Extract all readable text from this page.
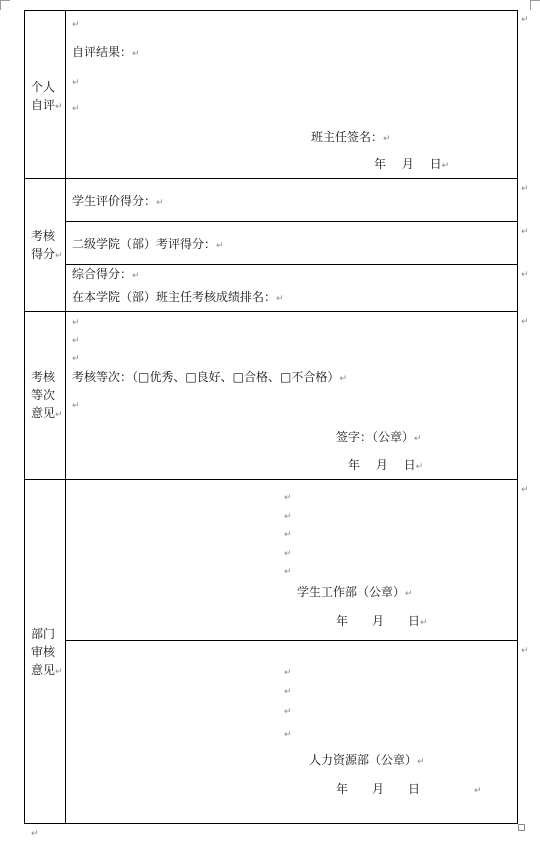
个人
自评↵
↵
自评结果：↵
↵
↵
班主任签名：↵
年　 月　 日↵
考核
得分↵
学生评价得分：↵
二级学院（部）考评得分：↵
综合得分：↵
在本学院（部）班主任考核成绩排名：↵
考核
等次
意见↵
↵
↵
↵
考核等次：（□优秀、□良好、□合格、□不合格）↵
↵
签字：（公章）↵
年　 月　 日↵
部门
审核
意见↵
↵
↵
↵
↵
↵
学生工作部（公章）↵
年　　月　　日↵
↵
↵
↵
↵
人力资源部（公章）↵
年　　月　　日	↵
↵
↵
↵
↵
↵
↵
↵
↵
